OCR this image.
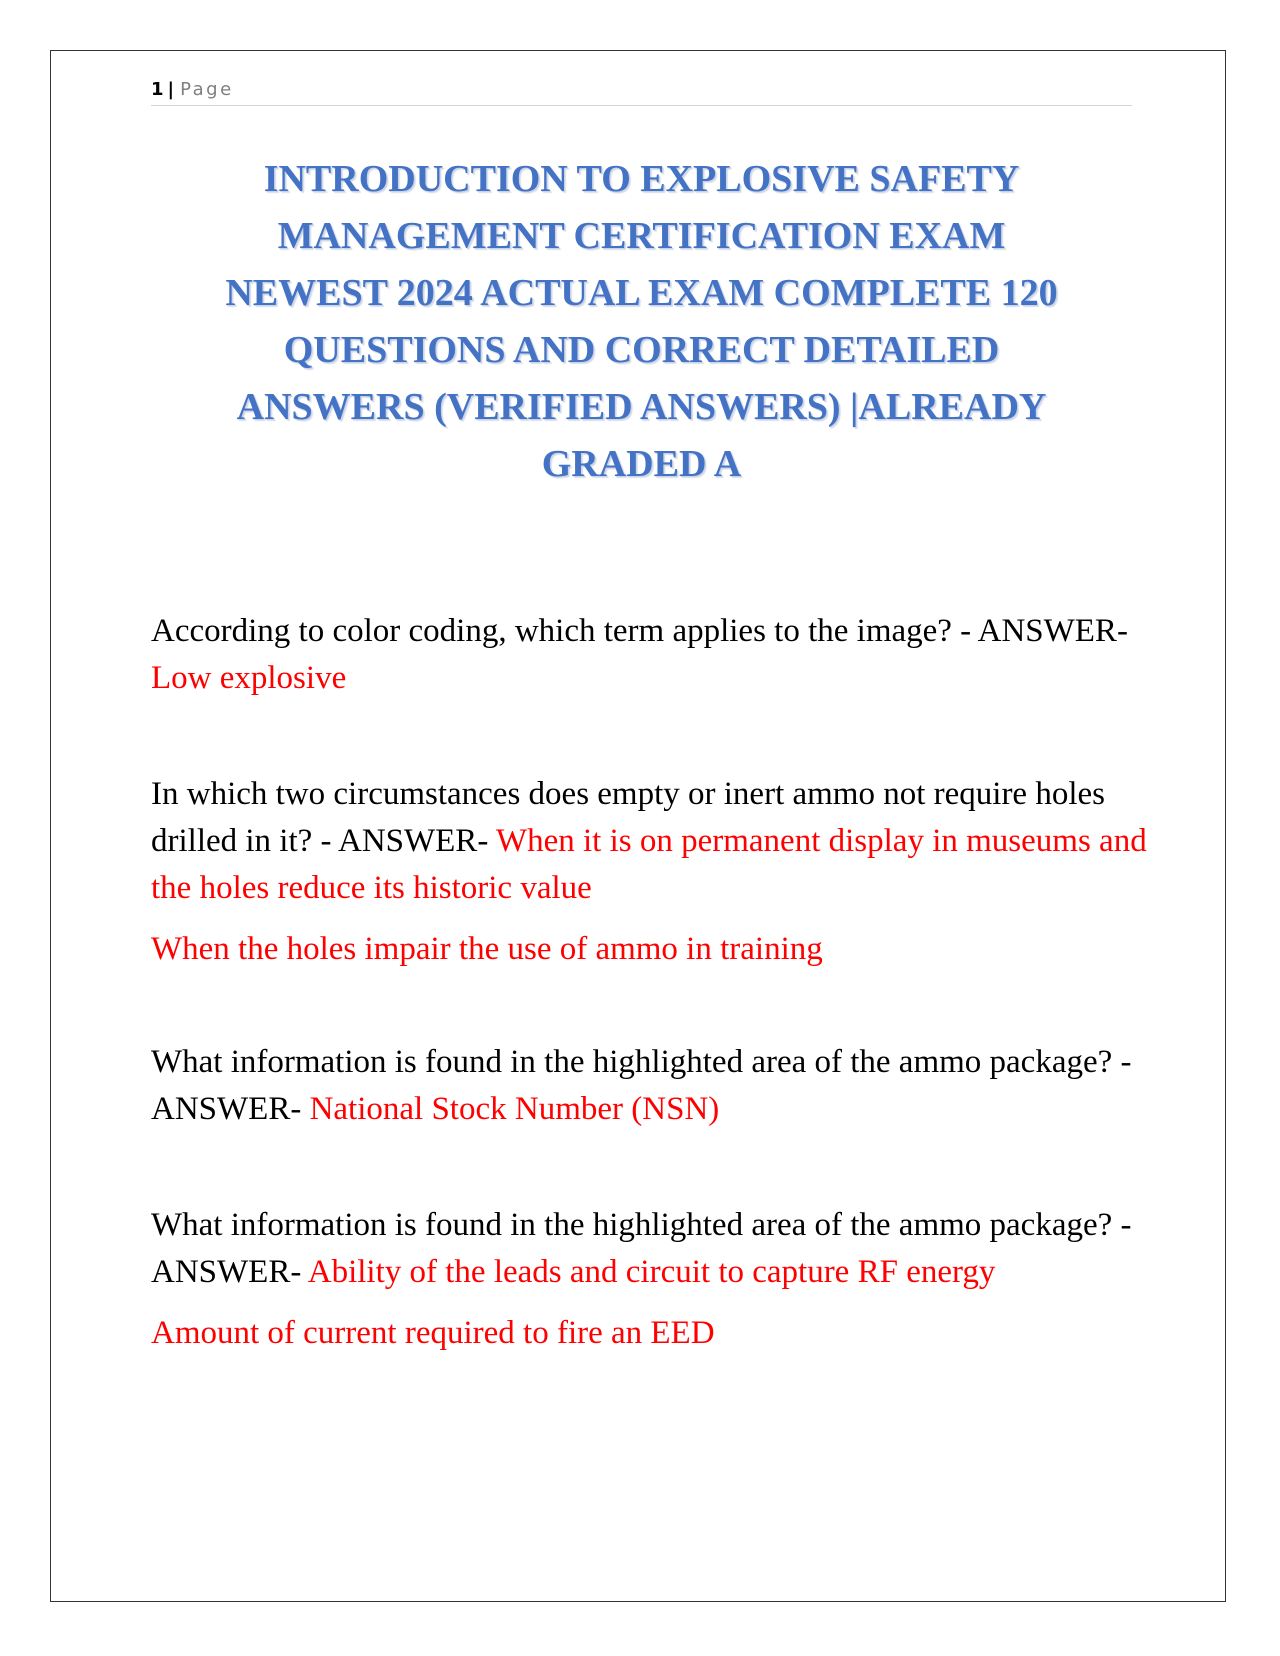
1 | Page
INTRODUCTION TO EXPLOSIVE SAFETY
MANAGEMENT CERTIFICATION EXAM
NEWEST 2024 ACTUAL EXAM COMPLETE 120
QUESTIONS AND CORRECT DETAILED
ANSWERS (VERIFIED ANSWERS) |ALREADY
GRADED A

According to color coding, which term applies to the image? - ANSWER- Low explosive

In which two circumstances does empty or inert ammo not require holes drilled in it? - ANSWER- When it is on permanent display in museums and the holes reduce its historic value

When the holes impair the use of ammo in training

What information is found in the highlighted area of the ammo package? - ANSWER- National Stock Number (NSN)

What information is found in the highlighted area of the ammo package? - ANSWER- Ability of the leads and circuit to capture RF energy

Amount of current required to fire an EED
